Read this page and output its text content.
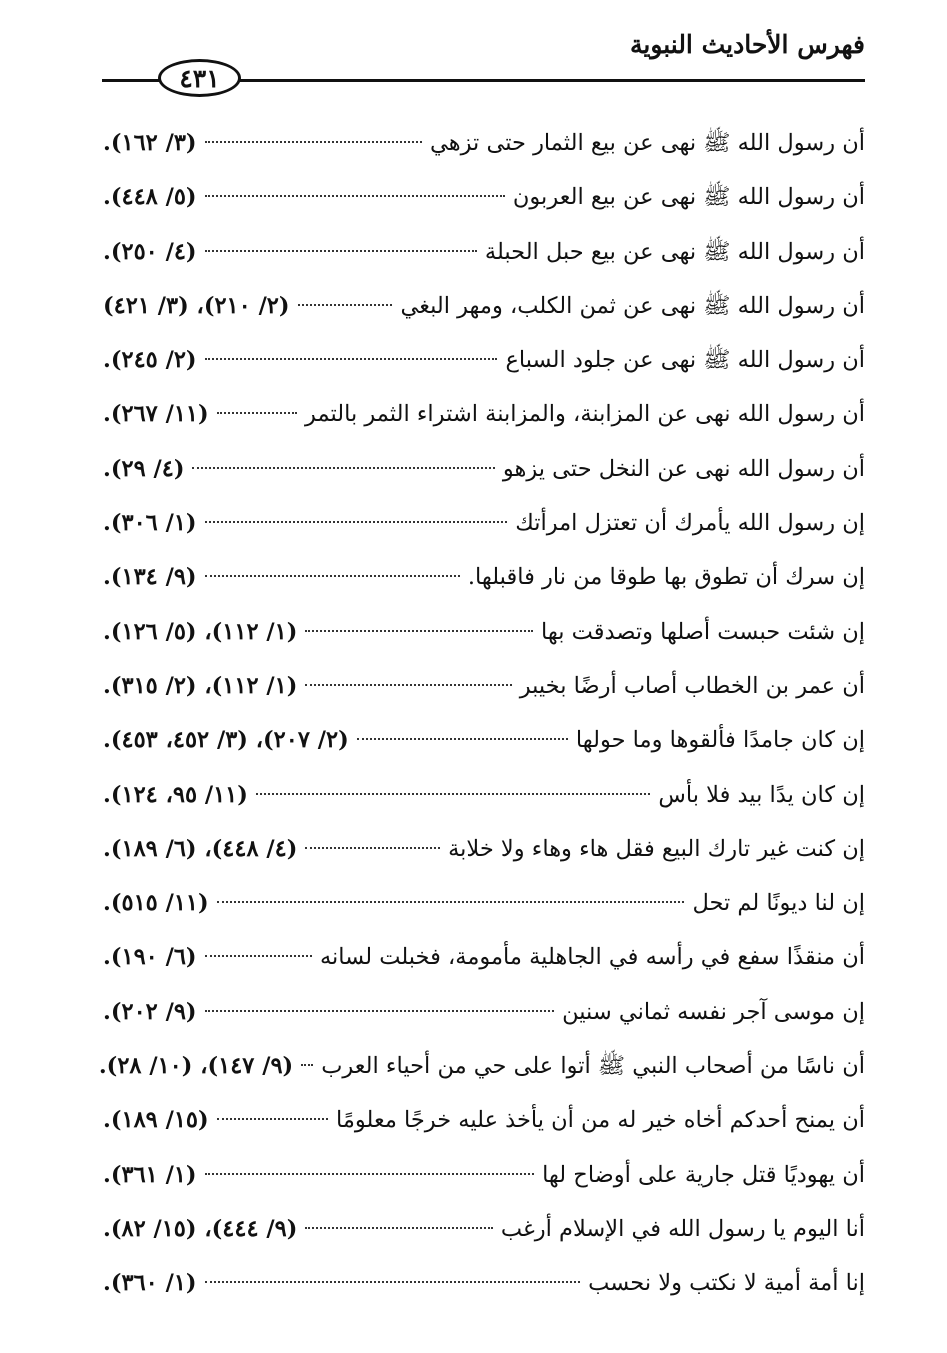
فهرس الأحاديث النبوية
٤٣١
أن رسول الله ﷺ نهى عن بيع الثمار حتى تزهي
(٣/ ١٦٢).
أن رسول الله ﷺ نهى عن بيع العربون
(٥/ ٤٤٨).
أن رسول الله ﷺ نهى عن بيع حبل الحبلة
(٤/ ٢٥٠).
أن رسول الله ﷺ نهى عن ثمن الكلب، ومهر البغي
(٢/ ٢١٠)، (٣/ ٤٢١)
أن رسول الله ﷺ نهى عن جلود السباع
(٢/ ٢٤٥).
أن رسول الله نهى عن المزابنة، والمزابنة اشتراء الثمر بالتمر
(١١/ ٢٦٧).
أن رسول الله نهى عن النخل حتى يزهو
(٤/ ٢٩).
إن رسول الله يأمرك أن تعتزل امرأتك
(١/ ٣٠٦).
إن سرك أن تطوق بها طوقا من نار فاقبلها.
(٩/ ١٣٤).
إن شئت حبست أصلها وتصدقت بها
(١/ ١١٢)، (٥/ ١٢٦).
أن عمر بن الخطاب أصاب أرضًا بخيبر
(١/ ١١٢)، (٢/ ٣١٥).
إن كان جامدًا فألقوها وما حولها
(٢/ ٢٠٧)، (٣/ ٤٥٢، ٤٥٣).
إن كان يدًا بيد فلا بأس
(١١/ ٩٥، ١٢٤).
إن كنت غير تارك البيع فقل هاء وهاء ولا خلابة
(٤/ ٤٤٨)، (٦/ ١٨٩).
إن لنا ديونًا لم تحل
(١١/ ٥١٥).
أن منقذًا سفع في رأسه في الجاهلية مأمومة، فخبلت لسانه
(٦/ ١٩٠).
إن موسى آجر نفسه ثماني سنين
(٩/ ٢٠٢).
أن ناسًا من أصحاب النبي ﷺ أتوا على حي من أحياء العرب
(٩/ ١٤٧)، (١٠/ ٢٨).
أن يمنح أحدكم أخاه خير له من أن يأخذ عليه خرجًا معلومًا
(١٥/ ١٨٩).
أن يهوديًا قتل جارية على أوضاح لها
(١/ ٣٦١).
أنا اليوم يا رسول الله في الإسلام أرغب
(٩/ ٤٤٤)، (١٥/ ٨٢).
إنا أمة أمية لا نكتب ولا نحسب
(١/ ٣٦٠).
